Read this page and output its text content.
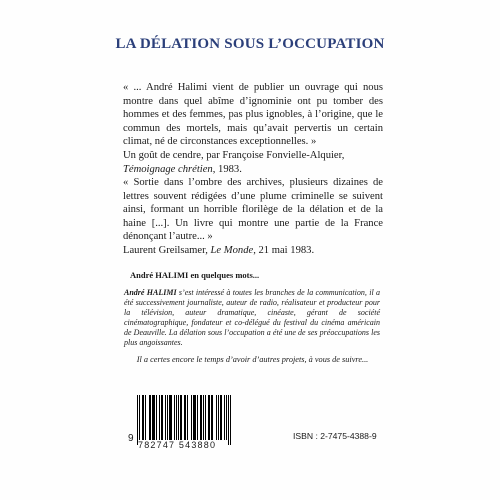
LA DÉLATION SOUS L’OCCUPATION
« ... André Halimi vient de publier un ouvrage qui nous montre dans quel abîme d’ignominie ont pu tomber des hommes et des femmes, pas plus ignobles, à l’origine, que le commun des mortels, mais qu’avait pervertis un certain climat, né de circonstances exceptionnelles. »
Un goût de cendre, par Françoise Fonvielle-Alquier, Témoignage chrétien, 1983.
« Sortie dans l’ombre des archives, plusieurs dizaines de lettres souvent rédigées d’une plume criminelle se suivent ainsi, formant un horrible florilège de la délation et de la haine [...]. Un livre qui montre une partie de la France dénonçant l’autre... »
Laurent Greilsamer, Le Monde, 21 mai 1983.
André HALIMI en quelques mots...
André HALIMI s’est intéressé à toutes les branches de la communication, il a été successivement journaliste, auteur de radio, réalisateur et producteur pour la télévision, auteur dramatique, cinéaste, gérant de société cinématographique, fondateur et co-délégué du festival du cinéma américain de Deauville. La délation sous l’occupation a été une de ses préoccupations les plus angoissantes.
Il a certes encore le temps d’avoir d’autres projets, à vous de suivre...
9
782747 543880
ISBN : 2-7475-4388-9
